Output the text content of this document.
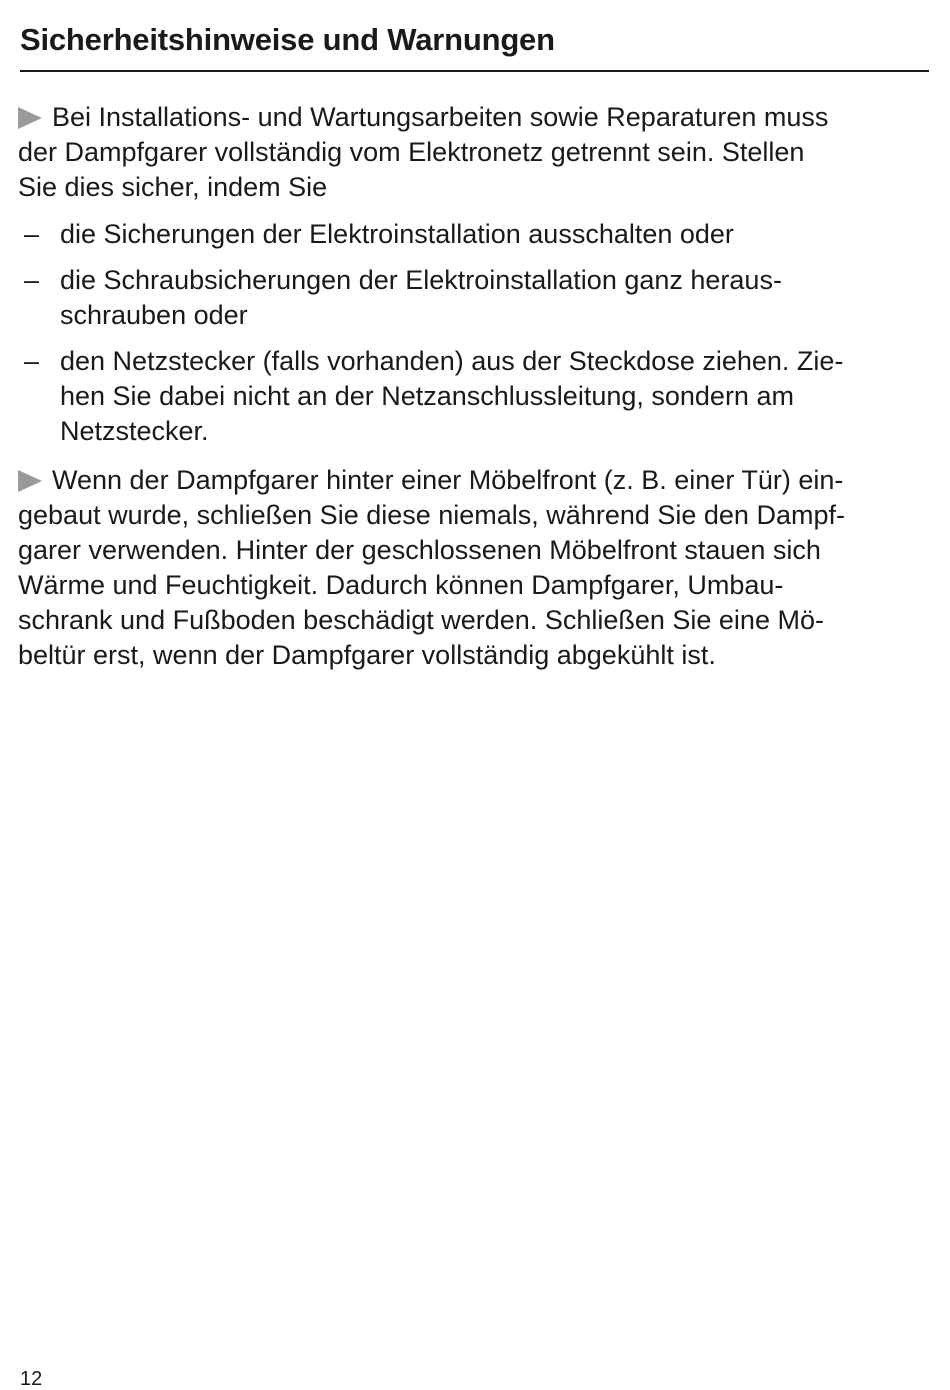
Sicherheitshinweise und Warnungen

Bei Installations- und Wartungsarbeiten sowie Reparaturen muss
der Dampfgarer vollständig vom Elektronetz getrennt sein. Stellen
Sie dies sicher, indem Sie

– die Sicherungen der Elektroinstallation ausschalten oder
– die Schraubsicherungen der Elektroinstallation ganz heraus-
schrauben oder
– den Netzstecker (falls vorhanden) aus der Steckdose ziehen. Zie-
hen Sie dabei nicht an der Netzanschlussleitung, sondern am
Netzstecker.

Wenn der Dampfgarer hinter einer Möbelfront (z. B. einer Tür) ein-
gebaut wurde, schließen Sie diese niemals, während Sie den Dampf-
garer verwenden. Hinter der geschlossenen Möbelfront stauen sich
Wärme und Feuchtigkeit. Dadurch können Dampfgarer, Umbau-
schrank und Fußboden beschädigt werden. Schließen Sie eine Mö-
beltür erst, wenn der Dampfgarer vollständig abgekühlt ist.

12
